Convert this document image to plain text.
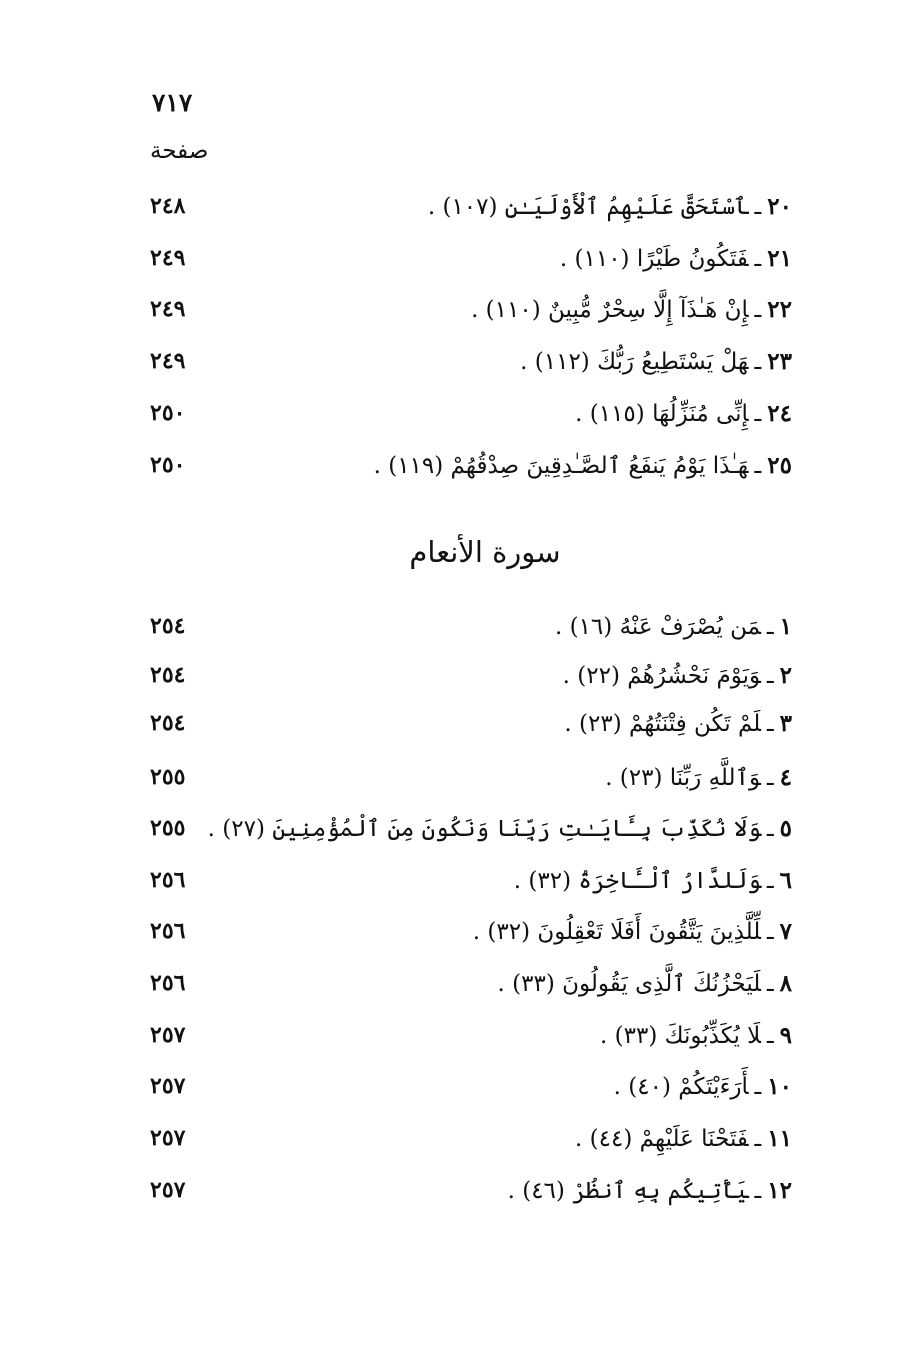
٧١٧
صفحة
٢٤٨	٢٠ـٱسْتَحَقَّ عَلَيْهِمُ ٱلْأَوْلَيَـٰنِ (١٠٧) .
٢٤٩	٢١ـفَتَكُونُ طَيْرًا (١١٠) .
٢٤٩	٢٢ـإِنْ هَـٰذَآ إِلَّا سِحْرٌ مُّبِينٌ (١١٠) .
٢٤٩	٢٣ـهَلْ يَسْتَطِيعُ رَبُّكَ (١١٢) .
٢٥٠	٢٤ـإِنِّى مُنَزِّلُهَا (١١٥) .
٢٥٠	٢٥ـهَـٰذَا يَوْمُ يَنفَعُ ٱلصَّـٰدِقِينَ صِدْقُهُمْ (١١٩) .
سورة الأنعام
٢٥٤	١ـمَن يُصْرَفْ عَنْهُ (١٦) .
٢٥٤	٢ـوَيَوْمَ نَحْشُرُهُمْ (٢٢) .
٢٥٤	٣ـلَمْ تَكُن فِتْنَتُهُمْ (٢٣) .
٢٥٥	٤ـوَٱللَّهِ رَبِّنَا (٢٣) .
٢٥٥	٥ـوَلَا نُكَذِّبَ بِـَٔايَـٰتِ رَبِّنَا وَنَكُونَ مِنَ ٱلْمُؤْمِنِينَ (٢٧) .
٢٥٦	٦ـوَلَلدَّارُ ٱلْـَٔاخِرَةُ (٣٢) .
٢٥٦	٧ـلِّلَّذِينَ يَتَّقُونَ أَفَلَا تَعْقِلُونَ (٣٢) .
٢٥٦	٨ـلَيَحْزُنُكَ ٱلَّذِى يَقُولُونَ (٣٣) .
٢٥٧	٩ـلَا يُكَذِّبُونَكَ (٣٣) .
٢٥٧	١٠ـأَرَءَيْتَكُمْ (٤٠) .
٢٥٧	١١ـفَتَحْنَا عَلَيْهِمْ (٤٤) .
٢٥٧	١٢ـيَأْتِيكُم بِهِ ٱنظُرْ (٤٦) .
